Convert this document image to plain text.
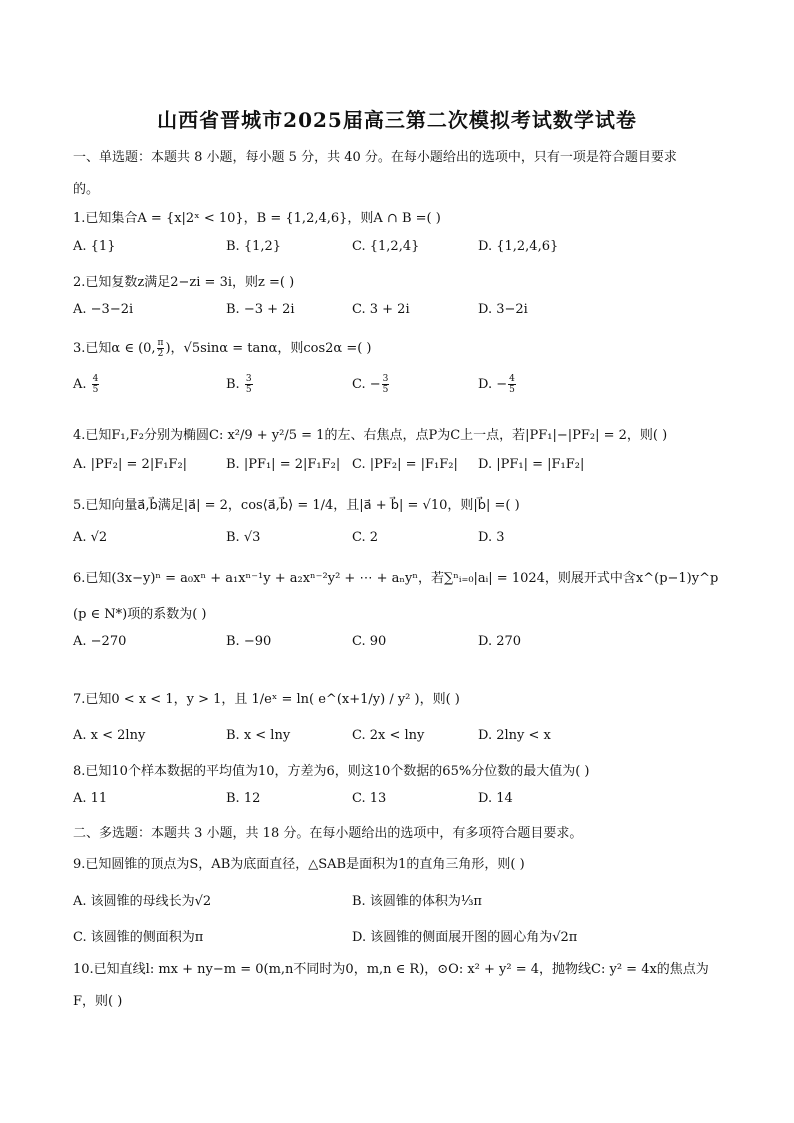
山西省晋城市2025届高三第二次模拟考试数学试卷
一、单选题：本题共 8 小题，每小题 5 分，共 40 分。在每小题给出的选项中，只有一项是符合题目要求
的。
1.已知集合A = {x|2ˣ < 10}，B = {1,2,4,6}，则A ∩ B =( )
A. {1}	B. {1,2}	C. {1,2,4}	D. {1,2,4,6}
2.已知复数z满足2−zi = 3i，则z =( )
A. −3−2i	B. −3 + 2i	C. 3 + 2i	D. 3−2i
3.已知α ∈ (0, $\frac{\pi}{2}$ )，√5sinα = tanα，则cos2α =( )
A. $\frac{4}{5}$	B. $\frac{3}{5}$	C. − $\frac{3}{5}$	D. − $\frac{4}{5}$
4.已知F₁,F₂分别为椭圆C: x²/9 + y²/5 = 1的左、右焦点，点P为C上一点，若|PF₁|−|PF₂| = 2，则( )
A. |PF₂| = 2|F₁F₂|	B. |PF₁| = 2|F₁F₂| C. |PF₂| = |F₁F₂| D. |PF₁| = |F₁F₂|
5.已知向量a⃗,b⃗满足|a⃗| = 2，cos⟨a⃗,b⃗⟩ = 1/4，且|a⃗ + b⃗| = √10，则|b⃗| =( )
A. √2	B. √3	C. 2	D. 3
6.已知(3x−y)ⁿ = a₀xⁿ + a₁xⁿ⁻¹y + a₂xⁿ⁻²y² + ⋯ + aₙyⁿ，若∑ⁿᵢ₌₀|aᵢ| = 1024，则展开式中含x^(p−1)y^p
(p ∈ N*)项的系数为( )
A. −270	B. −90	C. 90	D. 270
7.已知0 < x < 1，y > 1，且 1/eˣ = ln( e^(x+1/y) / y² )，则( )
A. x < 2lny	B. x < lny	C. 2x < lny	D. 2lny < x
8.已知10个样本数据的平均值为10，方差为6，则这10个数据的65%分位数的最大值为( )
A. 11	B. 12	C. 13	D. 14
二、多选题：本题共 3 小题，共 18 分。在每小题给出的选项中，有多项符合题目要求。
9.已知圆锥的顶点为S，AB为底面直径，△SAB是面积为1的直角三角形，则( )
A. 该圆锥的母线长为√2	B. 该圆锥的体积为⅓π
C. 该圆锥的侧面积为π	D. 该圆锥的侧面展开图的圆心角为√2π
10.已知直线l: mx + ny−m = 0(m,n不同时为0，m,n ∈ R)，⊙O: x² + y² = 4，抛物线C: y² = 4x的焦点为
F，则( )
